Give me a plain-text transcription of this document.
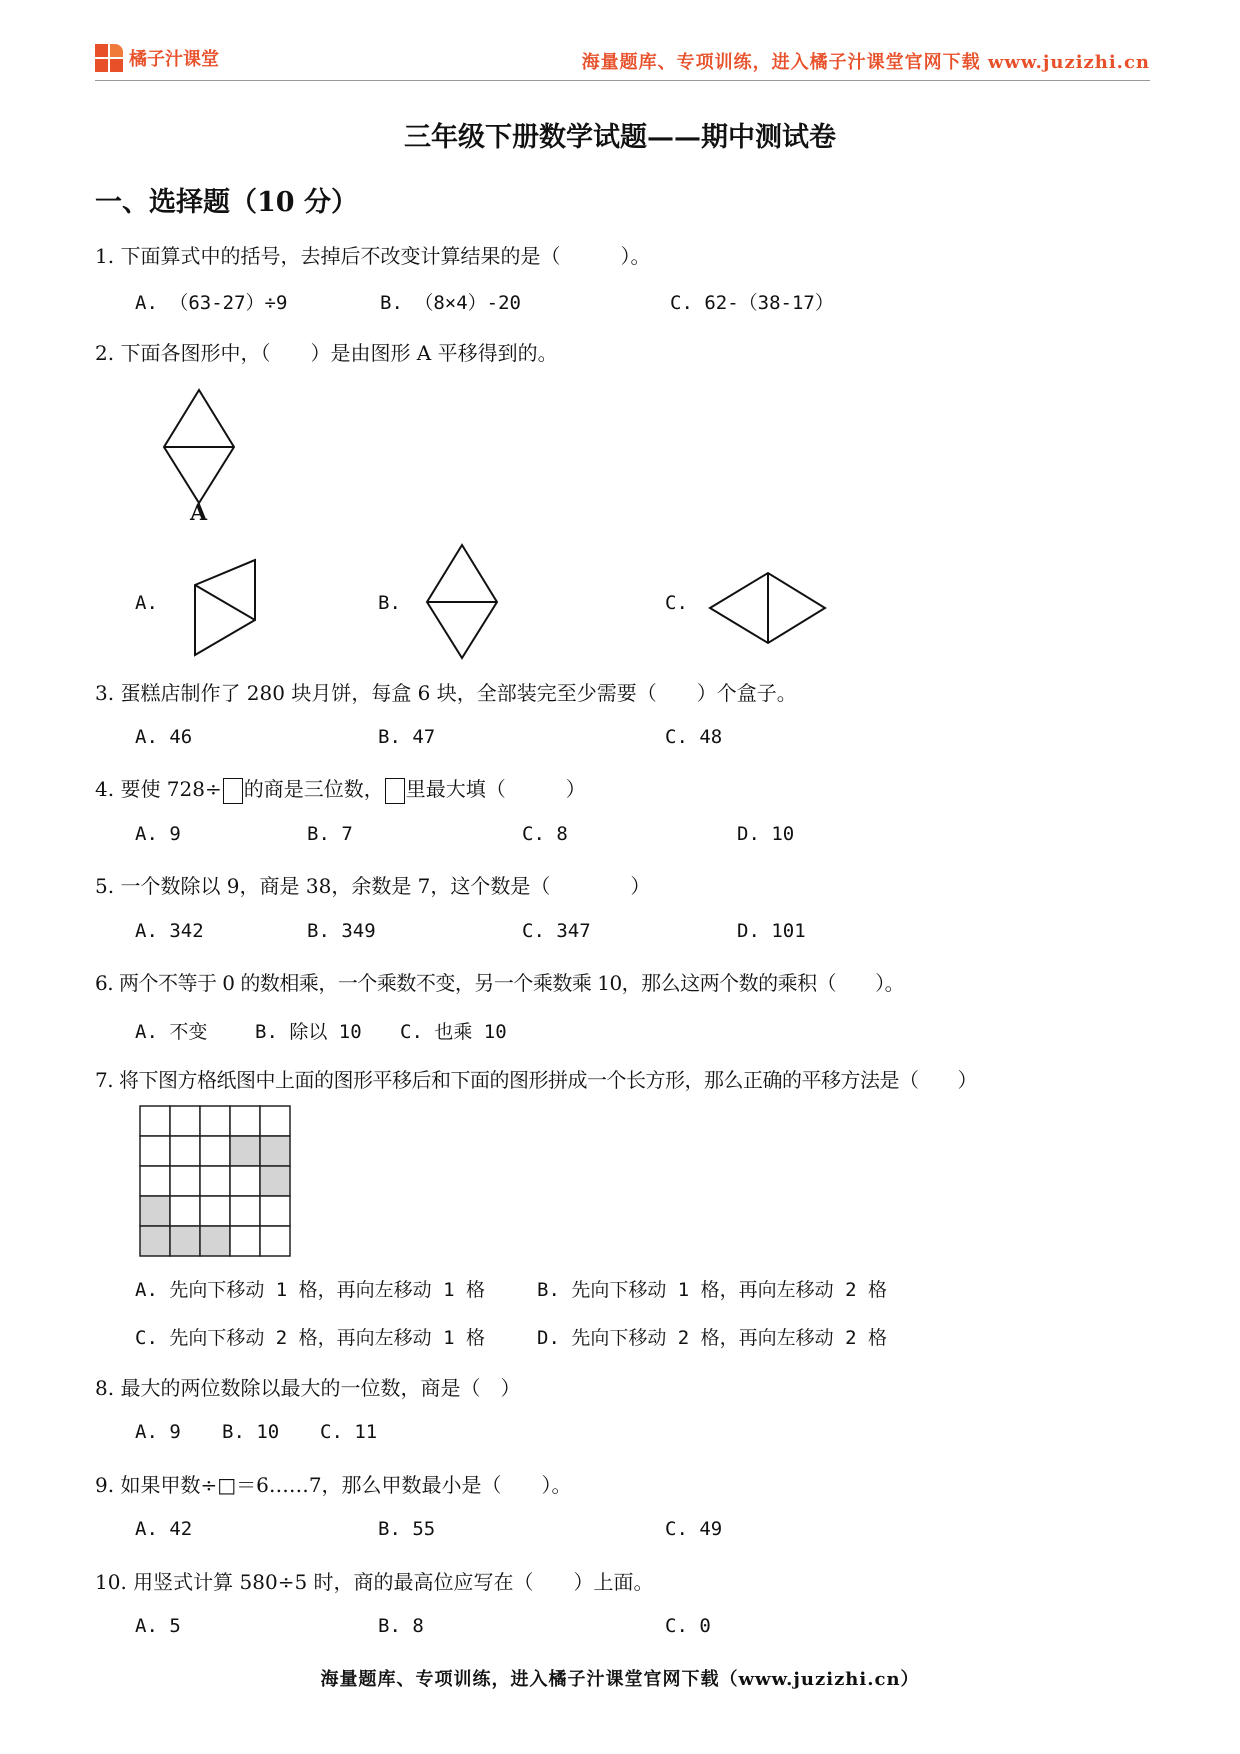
橘子汁课堂	海量题库、专项训练，进入橘子汁课堂官网下载 www.juzizhi.cn
三年级下册数学试题——期中测试卷
一、选择题（10 分）
1. 下面算式中的括号，去掉后不改变计算结果的是（　　　）。
A. （63-27）÷9	B. （8×4）-20	C. 62-（38-17）
2. 下面各图形中，（　　）是由图形 A 平移得到的。
A
A.	B.	C.
3. 蛋糕店制作了 280 块月饼，每盒 6 块，全部装完至少需要（　　）个盒子。
A. 46	B. 47	C. 48
4. 要使 728÷ 的商是三位数， 里最大填（　　　）
A. 9	B. 7	C. 8	D. 10
5. 一个数除以 9，商是 38，余数是 7，这个数是（　　　　）
A. 342	B. 349	C. 347	D. 101
6. 两个不等于 0 的数相乘，一个乘数不变，另一个乘数乘 10，那么这两个数的乘积（　　）。
A. 不变	B. 除以 10 C. 也乘 10
7. 将下图方格纸图中上面的图形平移后和下面的图形拼成一个长方形，那么正确的平移方法是（　　）
A. 先向下移动 1 格，再向左移动 1 格	B. 先向下移动 1 格，再向左移动 2 格
C. 先向下移动 2 格，再向左移动 1 格	D. 先向下移动 2 格，再向左移动 2 格
8. 最大的两位数除以最大的一位数，商是（　）
A. 9 B. 10 C. 11
9. 如果甲数÷□＝6……7，那么甲数最小是（　　）。
A. 42	B. 55	C. 49
10. 用竖式计算 580÷5 时，商的最高位应写在（　　）上面。
A. 5	B. 8	C. 0
海量题库、专项训练，进入橘子汁课堂官网下载（www.juzizhi.cn）
